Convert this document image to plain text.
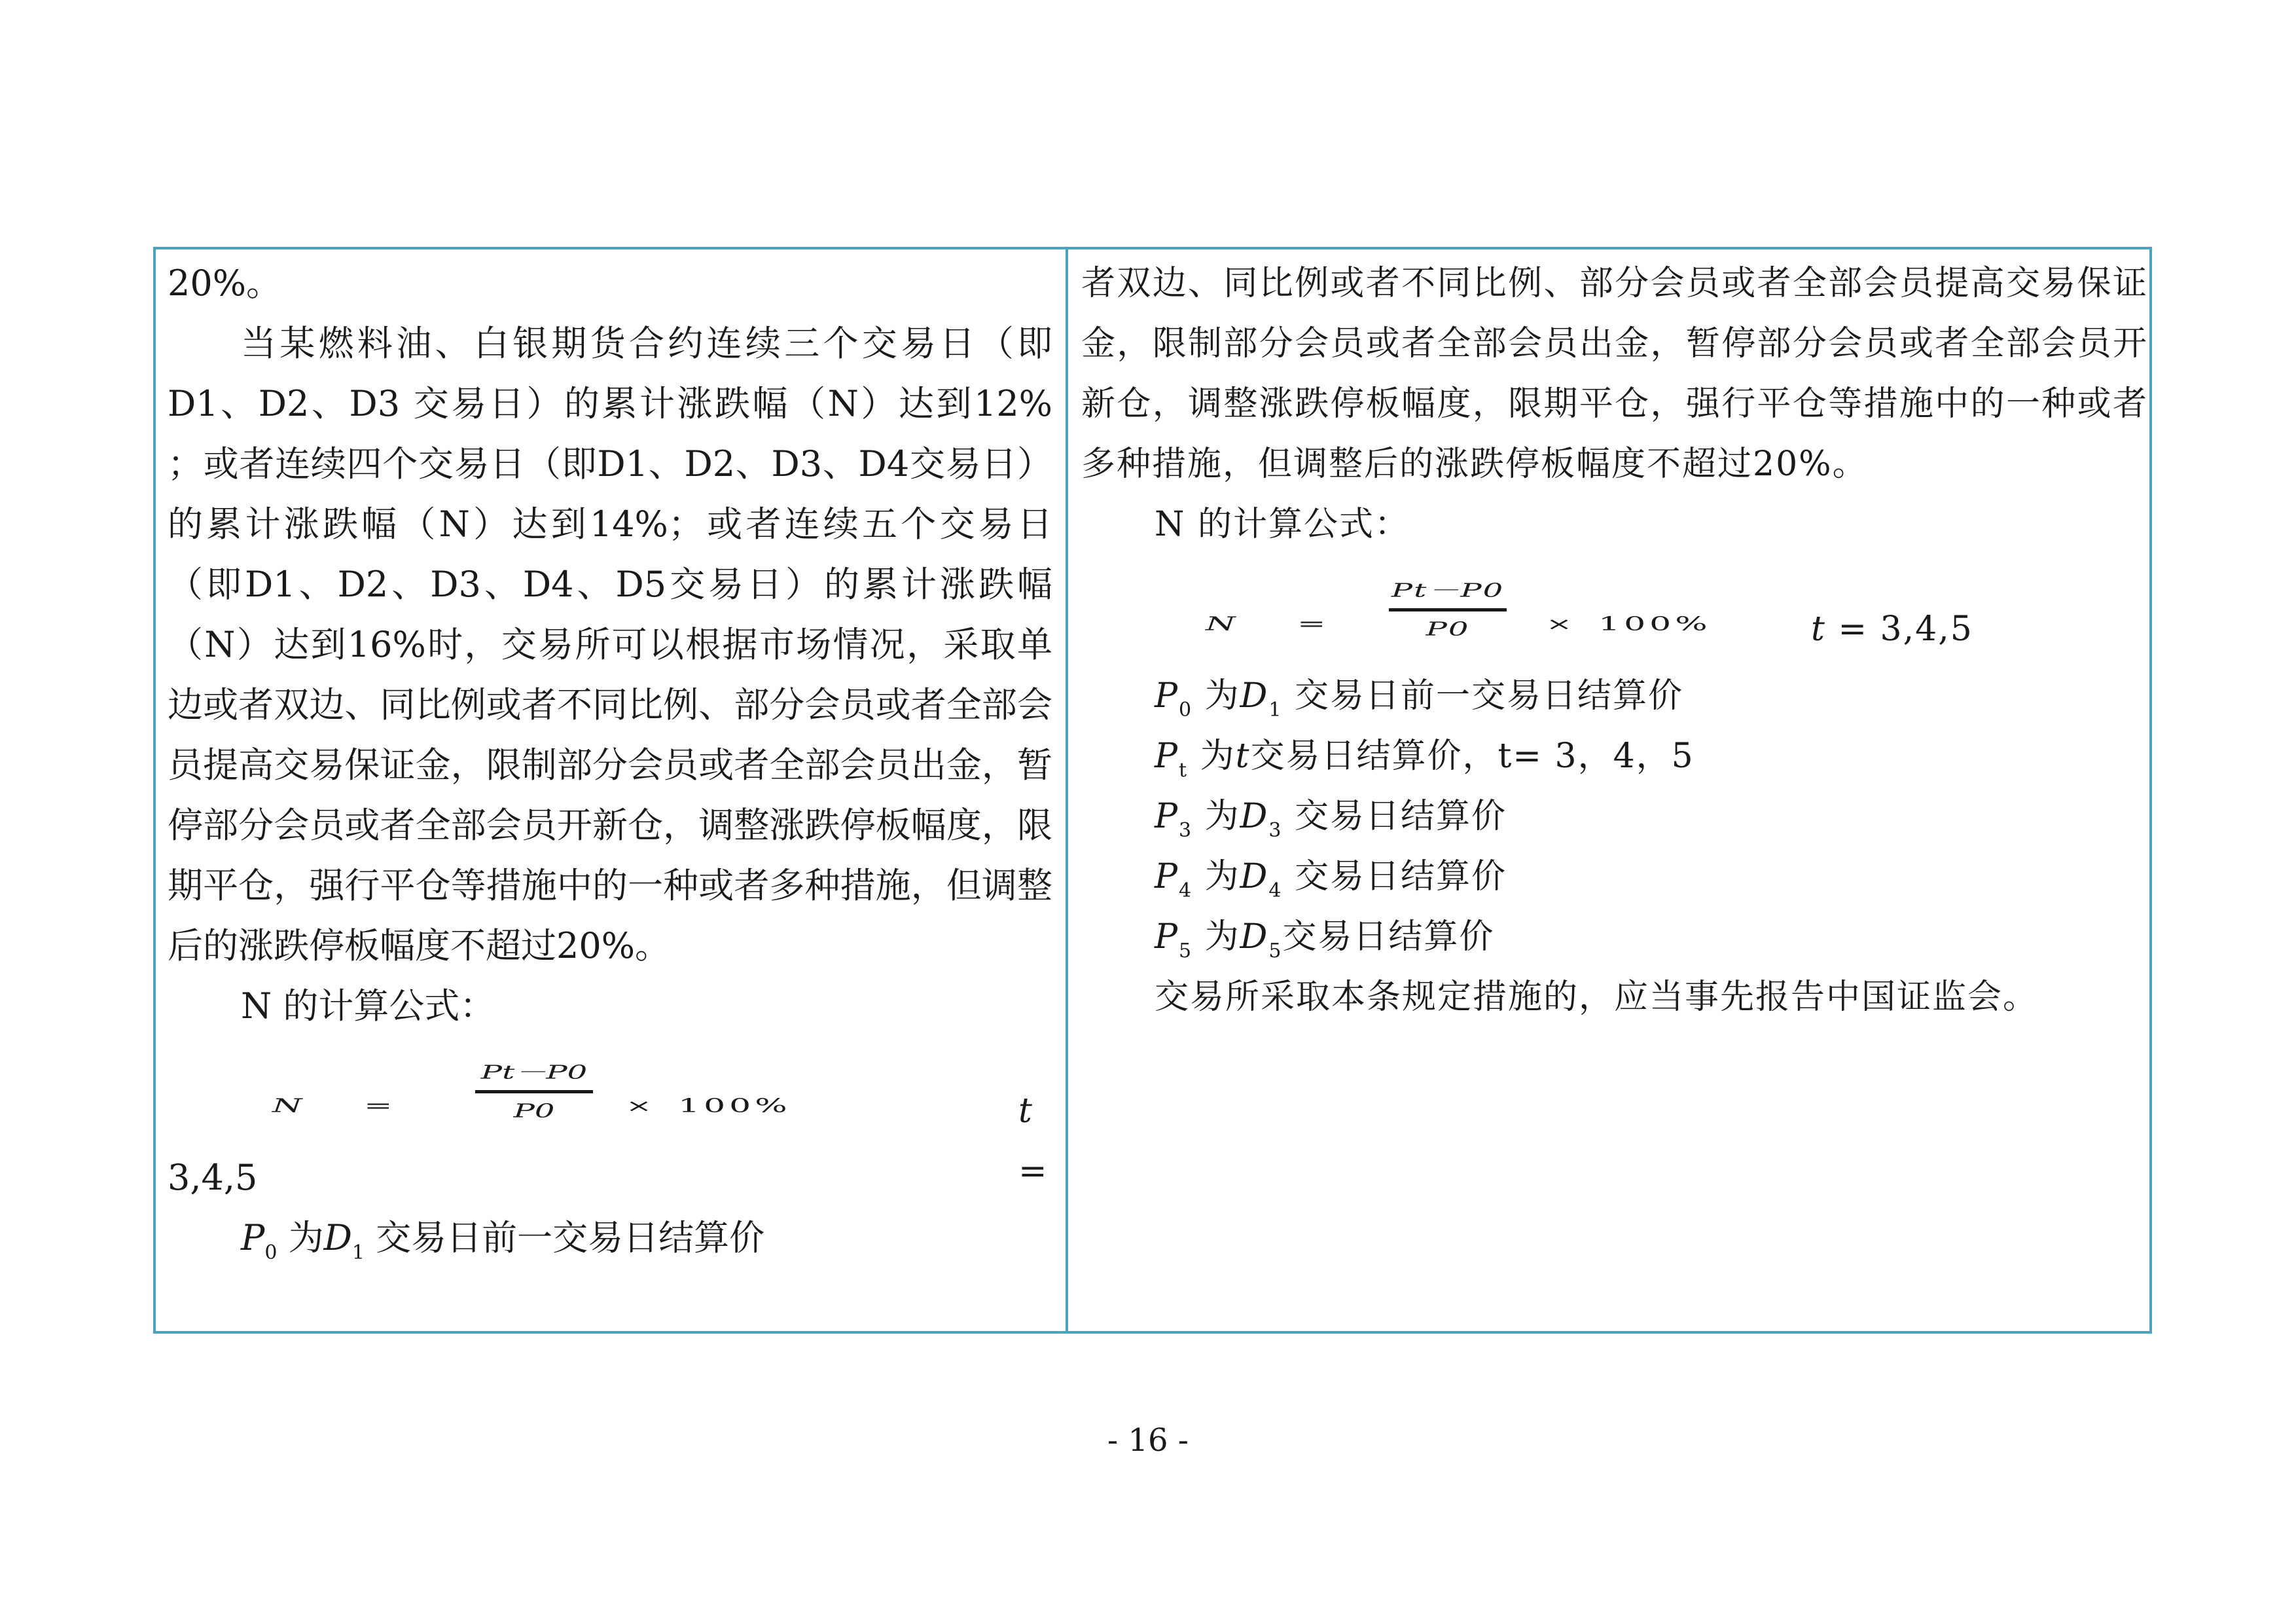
20%。

当某燃料油、白银期货合约连续三个交易日（即D1、D2、D3 交易日）的累计涨跌幅（N）达到12% ；或者连续四个交易日（即D1、D2、D3、D4交易日）的累计涨跌幅（N）达到14%；或者连续五个交易日（即D1、D2、D3、D4、D5交易日）的累计涨跌幅（N）达到16%时，交易所可以根据市场情况，采取单边或者双边、同比例或者不同比例、部分会员或者全部会员提高交易保证金，限制部分会员或者全部会员出金，暂停部分会员或者全部会员开新仓，调整涨跌停板幅度，限期平仓，强行平仓等措施中的一种或者多种措施，但调整后的涨跌停板幅度不超过20%。

N 的计算公式：

N =
Pt－P0
P0	× 100%	t =

3,4,5

$P_0$ 为$D_1$ 交易日前一交易日结算价

者双边、同比例或者不同比例、部分会员或者全部会员提高交易保证金，限制部分会员或者全部会员出金，暂停部分会员或者全部会员开新仓，调整涨跌停板幅度，限期平仓，强行平仓等措施中的一种或者多种措施，但调整后的涨跌停板幅度不超过20%。

N 的计算公式：

N =
Pt－P0
P0	× 100%	t = 3,4,5

$P_0$ 为$D_1$ 交易日前一交易日结算价

$P_t$ 为t交易日结算价，t= 3，4，5

$P_3$ 为$D_3$ 交易日结算价

$P_4$ 为$D_4$ 交易日结算价

$P_5$ 为$D_5$交易日结算价

交易所采取本条规定措施的，应当事先报告中国证监会。

- 16 -
